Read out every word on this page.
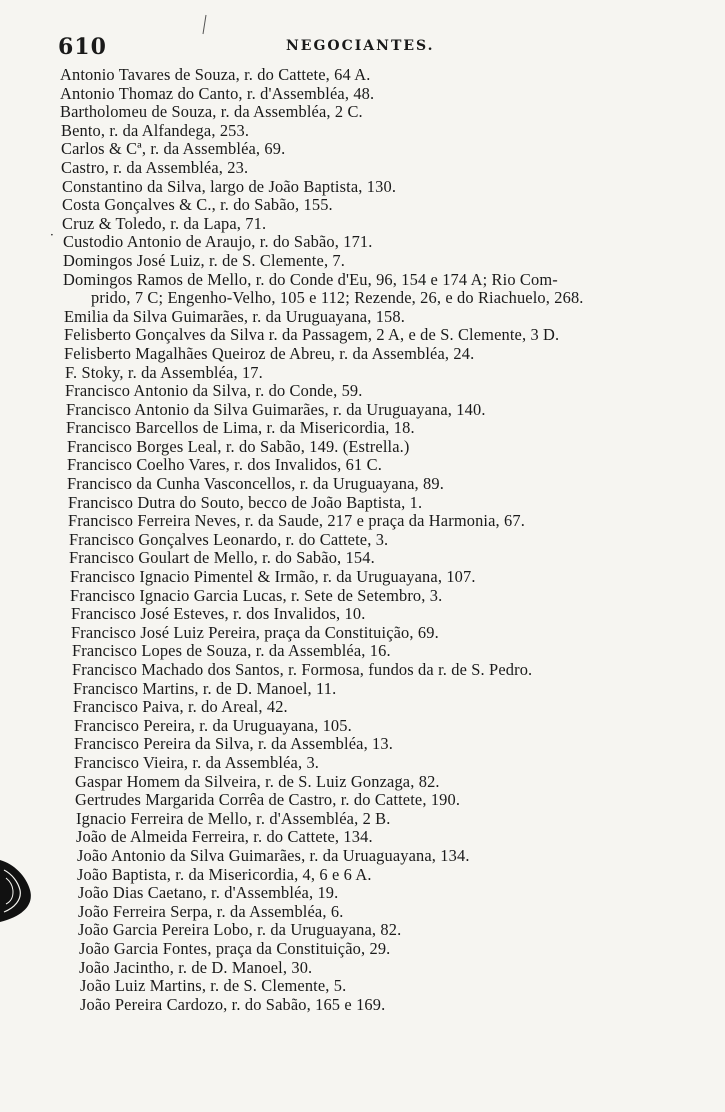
610	NEGOCIANTES.
·
Antonio Tavares de Souza, r. do Cattete, 64 A.
Antonio Thomaz do Canto, r. d'Assembléa, 48.
Bartholomeu de Souza, r. da Assembléa, 2 C.
Bento, r. da Alfandega, 253.
Carlos & Cª, r. da Assembléa, 69.
Castro, r. da Assembléa, 23.
Constantino da Silva, largo de João Baptista, 130.
Costa Gonçalves & C., r. do Sabão, 155.
Cruz & Toledo, r. da Lapa, 71.
Custodio Antonio de Araujo, r. do Sabão, 171.
Domingos José Luiz, r. de S. Clemente, 7.
Domingos Ramos de Mello, r. do Conde d'Eu, 96, 154 e 174 A; Rio Com-
prido, 7 C; Engenho-Velho, 105 e 112; Rezende, 26, e do Riachuelo, 268.
Emilia da Silva Guimarães, r. da Uruguayana, 158.
Felisberto Gonçalves da Silva r. da Passagem, 2 A, e de S. Clemente, 3 D.
Felisberto Magalhães Queiroz de Abreu, r. da Assembléa, 24.
F. Stoky, r. da Assembléa, 17.
Francisco Antonio da Silva, r. do Conde, 59.
Francisco Antonio da Silva Guimarães, r. da Uruguayana, 140.
Francisco Barcellos de Lima, r. da Misericordia, 18.
Francisco Borges Leal, r. do Sabão, 149. (Estrella.)
Francisco Coelho Vares, r. dos Invalidos, 61 C.
Francisco da Cunha Vasconcellos, r. da Uruguayana, 89.
Francisco Dutra do Souto, becco de João Baptista, 1.
Francisco Ferreira Neves, r. da Saude, 217 e praça da Harmonia, 67.
Francisco Gonçalves Leonardo, r. do Cattete, 3.
Francisco Goulart de Mello, r. do Sabão, 154.
Francisco Ignacio Pimentel & Irmão, r. da Uruguayana, 107.
Francisco Ignacio Garcia Lucas, r. Sete de Setembro, 3.
Francisco José Esteves, r. dos Invalidos, 10.
Francisco José Luiz Pereira, praça da Constituição, 69.
Francisco Lopes de Souza, r. da Assembléa, 16.
Francisco Machado dos Santos, r. Formosa, fundos da r. de S. Pedro.
Francisco Martins, r. de D. Manoel, 11.
Francisco Paiva, r. do Areal, 42.
Francisco Pereira, r. da Uruguayana, 105.
Francisco Pereira da Silva, r. da Assembléa, 13.
Francisco Vieira, r. da Assembléa, 3.
Gaspar Homem da Silveira, r. de S. Luiz Gonzaga, 82.
Gertrudes Margarida Corrêa de Castro, r. do Cattete, 190.
Ignacio Ferreira de Mello, r. d'Assembléa, 2 B.
João de Almeida Ferreira, r. do Cattete, 134.
João Antonio da Silva Guimarães, r. da Uruaguayana, 134.
João Baptista, r. da Misericordia, 4, 6 e 6 A.
João Dias Caetano, r. d'Assembléa, 19.
João Ferreira Serpa, r. da Assembléa, 6.
João Garcia Pereira Lobo, r. da Uruguayana, 82.
João Garcia Fontes, praça da Constituição, 29.
João Jacintho, r. de D. Manoel, 30.
João Luiz Martins, r. de S. Clemente, 5.
João Pereira Cardozo, r. do Sabão, 165 e 169.
